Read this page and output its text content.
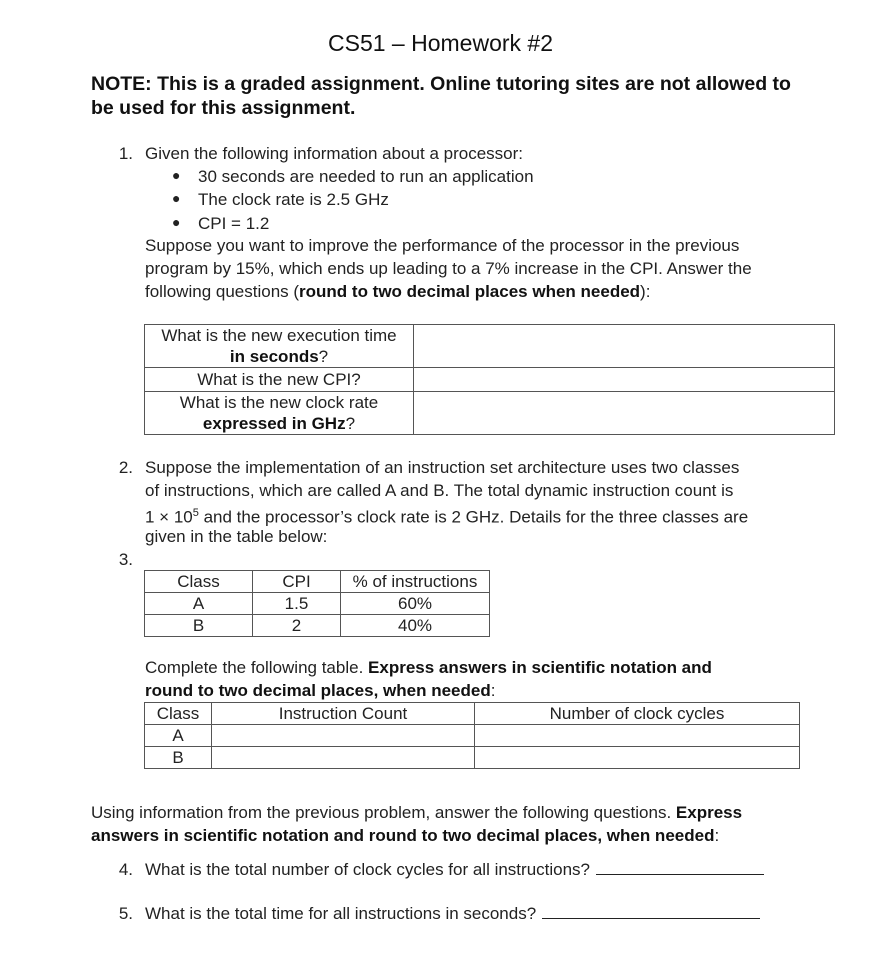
CS51 – Homework #2
NOTE: This is a graded assignment. Online tutoring sites are not allowed to be used for this assignment.
1. Given the following information about a processor:
● 30 seconds are needed to run an application
● The clock rate is 2.5 GHz
● CPI = 1.2
Suppose you want to improve the performance of the processor in the previous
program by 15%, which ends up leading to a 7% increase in the CPI. Answer the
following questions (round to two decimal places when needed):
What is the new execution time
in seconds?	

What is the new CPI?	

What is the new clock rate
expressed in GHz?	

2. Suppose the implementation of an instruction set architecture uses two classes
of instructions, which are called A and B. The total dynamic instruction count is
$1 \times 10^5$ and the processor’s clock rate is 2 GHz. Details for the three classes are
given in the table below:
3.
Class	CPI	% of instructions
A	1.5	60%
B	2	40%
Complete the following table. Express answers in scientific notation and
round to two decimal places, when needed:
Class	Instruction Count	Number of clock cycles
A		
B		
Using information from the previous problem, answer the following questions. Express
answers in scientific notation and round to two decimal places, when needed:
4. What is the total number of clock cycles for all instructions?
5. What is the total time for all instructions in seconds?
